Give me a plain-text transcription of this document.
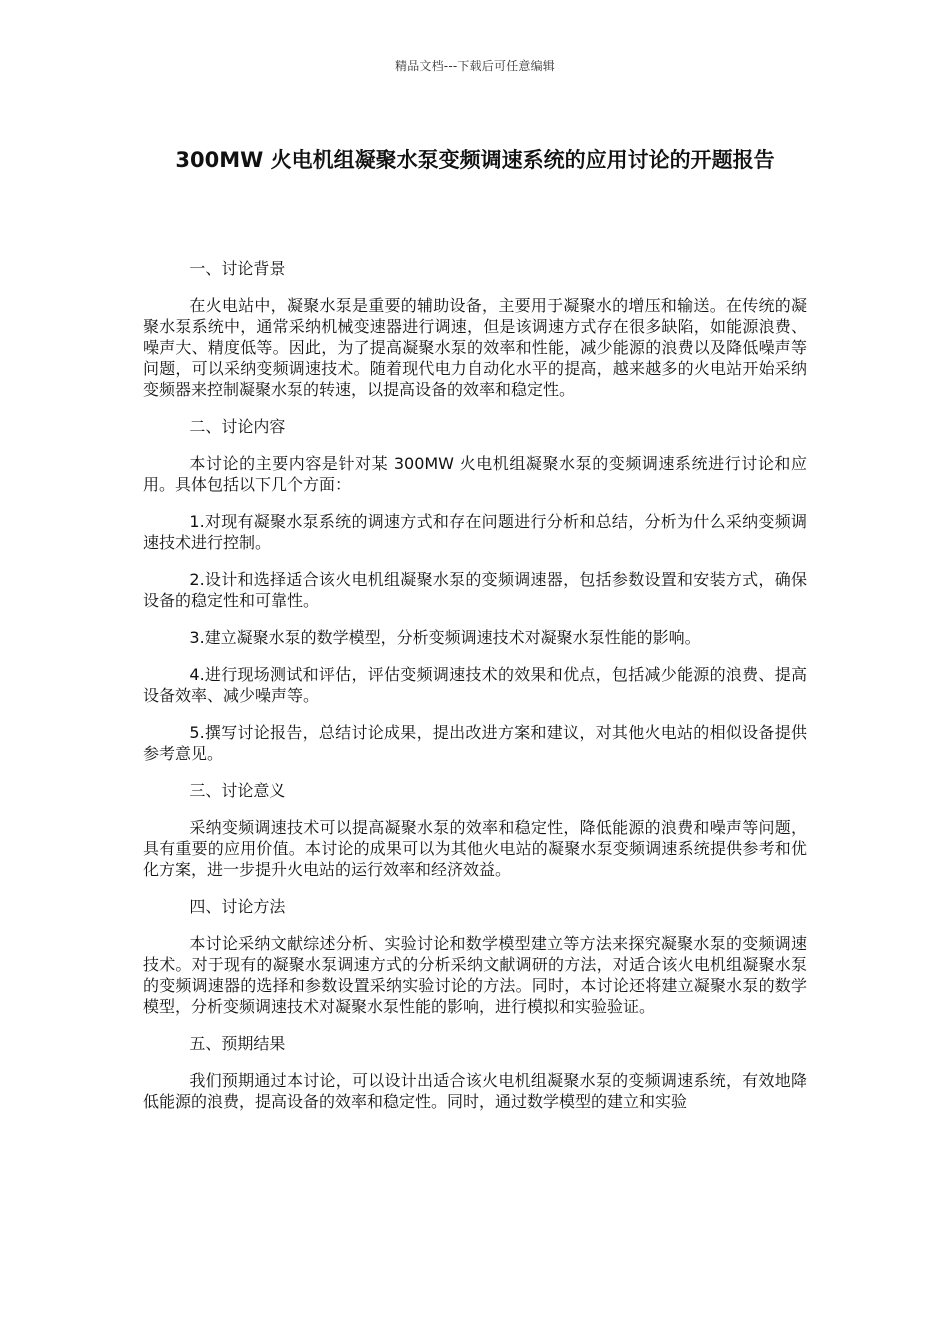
精品文档---下载后可任意编辑
300MW 火电机组凝聚水泵变频调速系统的应用讨论的开题报告

一、讨论背景

在火电站中，凝聚水泵是重要的辅助设备，主要用于凝聚水的增压和输送。在传统的凝聚水泵系统中，通常采纳机械变速器进行调速，但是该调速方式存在很多缺陷，如能源浪费、噪声大、精度低等。因此，为了提高凝聚水泵的效率和性能，减少能源的浪费以及降低噪声等问题，可以采纳变频调速技术。随着现代电力自动化水平的提高，越来越多的火电站开始采纳变频器来控制凝聚水泵的转速，以提高设备的效率和稳定性。

二、讨论内容

本讨论的主要内容是针对某 300MW 火电机组凝聚水泵的变频调速系统进行讨论和应用。具体包括以下几个方面：

1.对现有凝聚水泵系统的调速方式和存在问题进行分析和总结，分析为什么采纳变频调速技术进行控制。

2.设计和选择适合该火电机组凝聚水泵的变频调速器，包括参数设置和安装方式，确保设备的稳定性和可靠性。

3.建立凝聚水泵的数学模型，分析变频调速技术对凝聚水泵性能的影响。

4.进行现场测试和评估，评估变频调速技术的效果和优点，包括减少能源的浪费、提高设备效率、减少噪声等。

5.撰写讨论报告，总结讨论成果，提出改进方案和建议，对其他火电站的相似设备提供参考意见。

三、讨论意义

采纳变频调速技术可以提高凝聚水泵的效率和稳定性，降低能源的浪费和噪声等问题，具有重要的应用价值。本讨论的成果可以为其他火电站的凝聚水泵变频调速系统提供参考和优化方案，进一步提升火电站的运行效率和经济效益。

四、讨论方法

本讨论采纳文献综述分析、实验讨论和数学模型建立等方法来探究凝聚水泵的变频调速技术。对于现有的凝聚水泵调速方式的分析采纳文献调研的方法，对适合该火电机组凝聚水泵的变频调速器的选择和参数设置采纳实验讨论的方法。同时，本讨论还将建立凝聚水泵的数学模型，分析变频调速技术对凝聚水泵性能的影响，进行模拟和实验验证。

五、预期结果

我们预期通过本讨论，可以设计出适合该火电机组凝聚水泵的变频调速系统，有效地降低能源的浪费，提高设备的效率和稳定性。同时，通过数学模型的建立和实验
